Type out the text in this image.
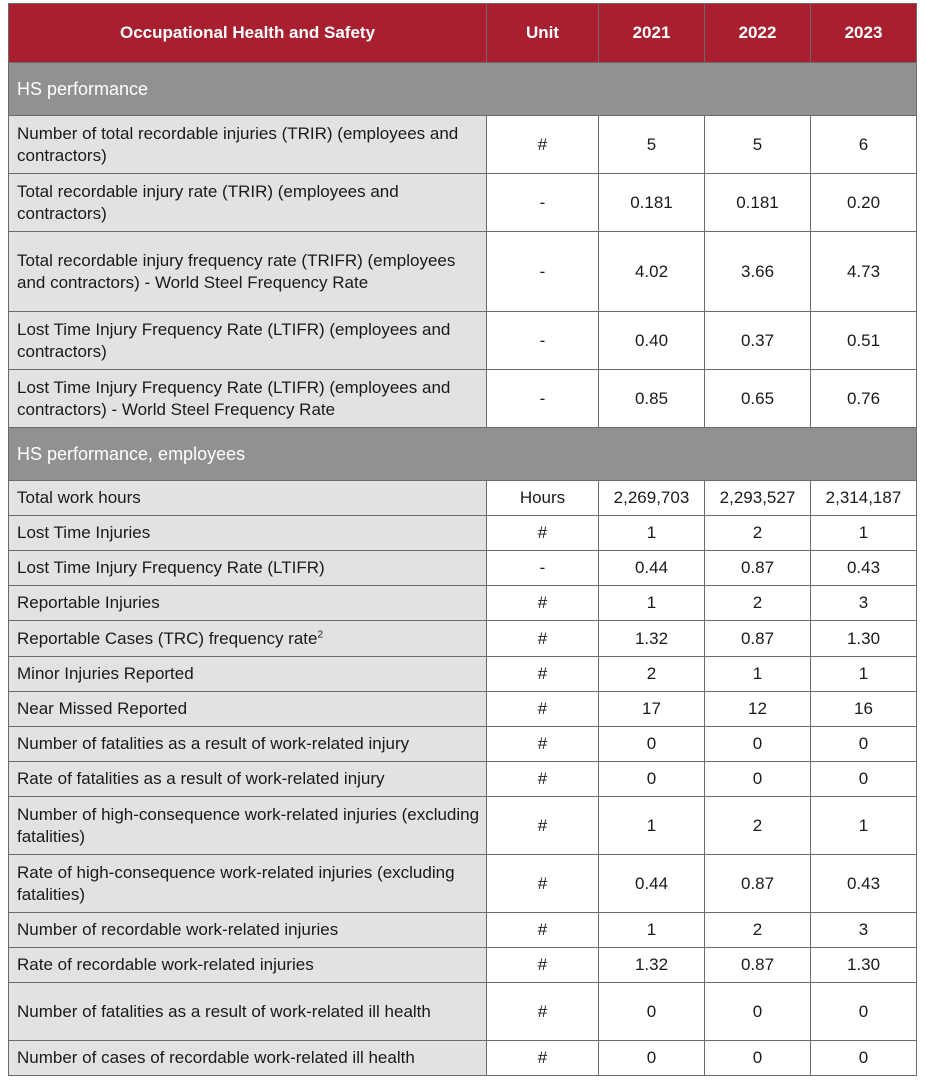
Occupational Health and Safety	Unit	2021	2022	2023
HS performance				
Number of total recordable injuries (TRIR) (employees and contractors)	#	5	5	6
Total recordable injury rate (TRIR) (employees and contractors)	-	0.181	0.181	0.20
Total recordable injury frequency rate (TRIFR) (employees and contractors) - World Steel Frequency Rate	-	4.02	3.66	4.73
Lost Time Injury Frequency Rate (LTIFR) (employees and contractors)	-	0.40	0.37	0.51
Lost Time Injury Frequency Rate (LTIFR) (employees and contractors) - World Steel Frequency Rate	-	0.85	0.65	0.76
HS performance, employees				
Total work hours	Hours	2,269,703	2,293,527	2,314,187
Lost Time Injuries	#	1	2	1
Lost Time Injury Frequency Rate (LTIFR)	-	0.44	0.87	0.43
Reportable Injuries	#	1	2	3
Reportable Cases (TRC) frequency rate$^2$	#	1.32	0.87	1.30
Minor Injuries Reported	#	2	1	1
Near Missed Reported	#	17	12	16
Number of fatalities as a result of work-related injury	#	0	0	0
Rate of fatalities as a result of work-related injury	#	0	0	0
Number of high-consequence work-related injuries (excluding fatalities)	#	1	2	1
Rate of high-consequence work-related injuries (excluding fatalities)	#	0.44	0.87	0.43
Number of recordable work-related injuries	#	1	2	3
Rate of recordable work-related injuries	#	1.32	0.87	1.30
Number of fatalities as a result of work-related ill health	#	0	0	0
Number of cases of recordable work-related ill health	#	0	0	0
